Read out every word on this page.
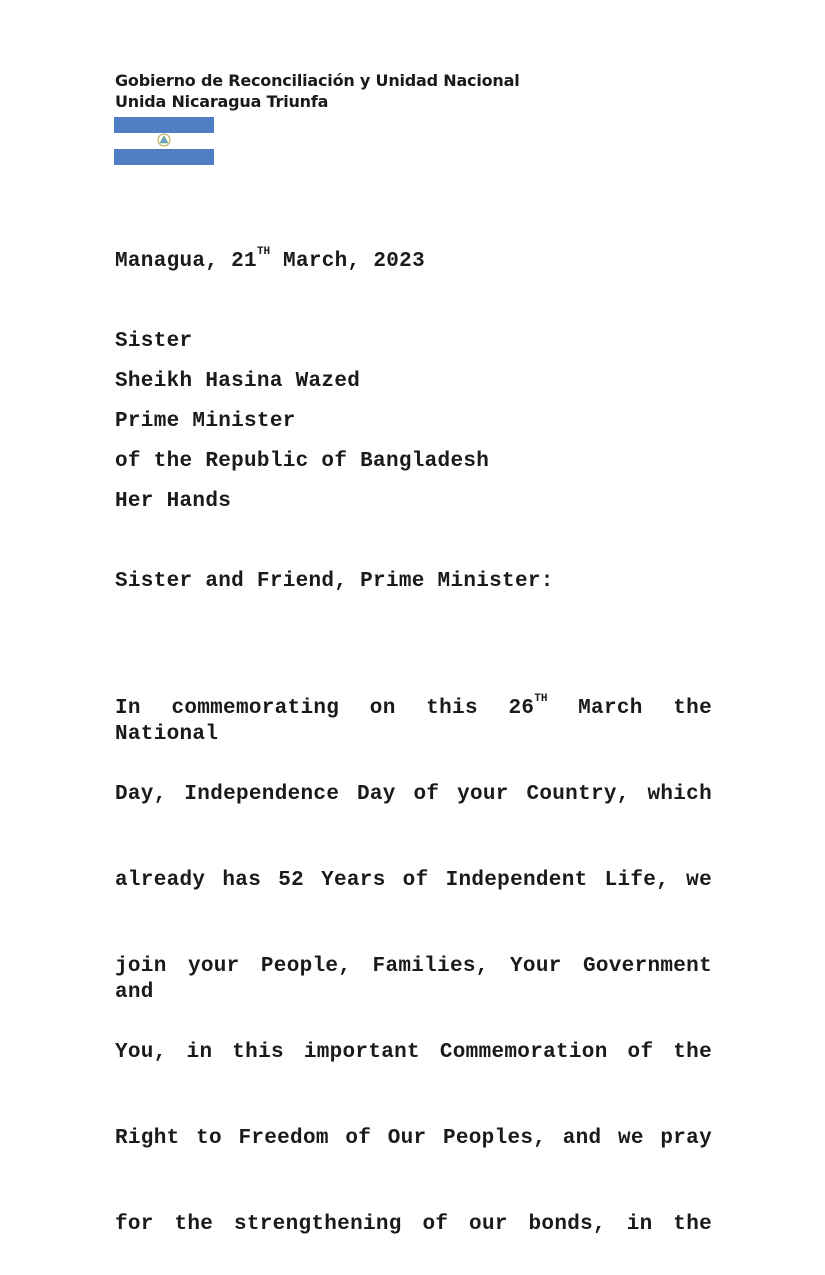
Gobierno de Reconciliación y Unidad Nacional
Unida Nicaragua Triunfa
Managua, 21TH March, 2023
Sister
Sheikh Hasina Wazed
Prime Minister
of the Republic of Bangladesh
Her Hands
Sister and Friend, Prime Minister:

In commemorating on this 26TH March the National

Day, Independence Day of your Country, which

already has 52 Years of Independent Life, we

join your People, Families, Your Government and

You, in this important Commemoration of the

Right to Freedom of Our Peoples, and we pray

for the strengthening of our bonds, in the
